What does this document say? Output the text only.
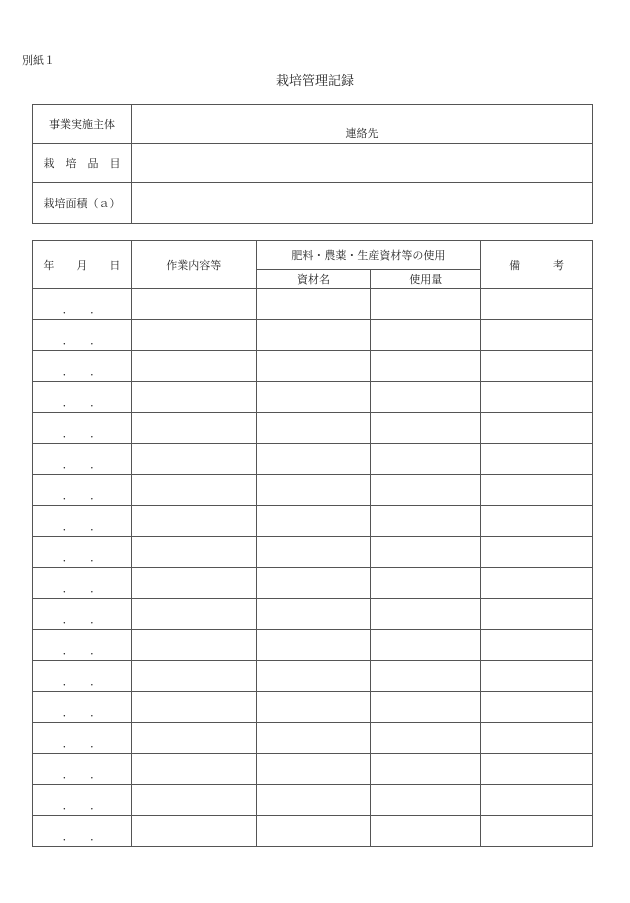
別紙１
栽培管理記録
事業実施主体	連絡先
栽　培　品　目	
栽培面積（ａ）	
年　　月　　日	作業内容等	肥料・農薬・生産資材等の使用		備　　　考
		資材名	使用量	
．　　．				
．　　．				
．　　．				
．　　．				
．　　．				
．　　．				
．　　．				
．　　．				
．　　．				
．　　．				
．　　．				
．　　．				
．　　．				
．　　．				
．　　．				
．　　．				
．　　．				
．　　．				
